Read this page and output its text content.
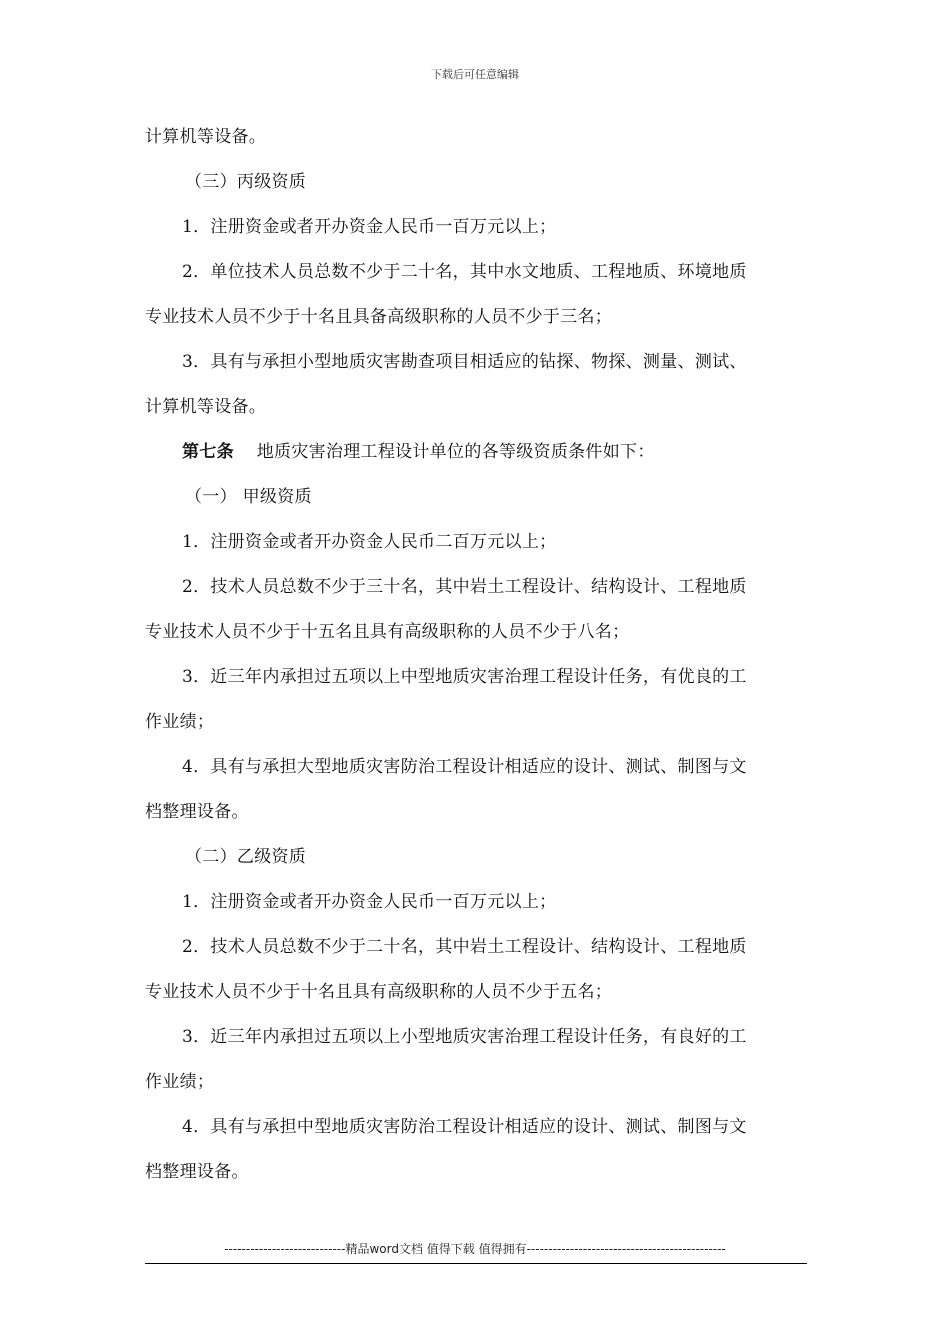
下载后可任意编辑
计算机等设备。
（三）丙级资质
1．注册资金或者开办资金人民币一百万元以上；
2．单位技术人员总数不少于二十名，其中水文地质、工程地质、环境地质
专业技术人员不少于十名且具备高级职称的人员不少于三名；
3．具有与承担小型地质灾害勘查项目相适应的钻探、物探、测量、测试、
计算机等设备。
第七条 地质灾害治理工程设计单位的各等级资质条件如下：
（一） 甲级资质
1．注册资金或者开办资金人民币二百万元以上；
2．技术人员总数不少于三十名，其中岩土工程设计、结构设计、工程地质
专业技术人员不少于十五名且具有高级职称的人员不少于八名；
3．近三年内承担过五项以上中型地质灾害治理工程设计任务，有优良的工
作业绩；
4．具有与承担大型地质灾害防治工程设计相适应的设计、测试、制图与文
档整理设备。
（二）乙级资质
1．注册资金或者开办资金人民币一百万元以上；
2．技术人员总数不少于二十名，其中岩土工程设计、结构设计、工程地质
专业技术人员不少于十名且具有高级职称的人员不少于五名；
3．近三年内承担过五项以上小型地质灾害治理工程设计任务，有良好的工
作业绩；
4．具有与承担中型地质灾害防治工程设计相适应的设计、测试、制图与文
档整理设备。
----------------------------精品word文档 值得下载 值得拥有----------------------------------------------
